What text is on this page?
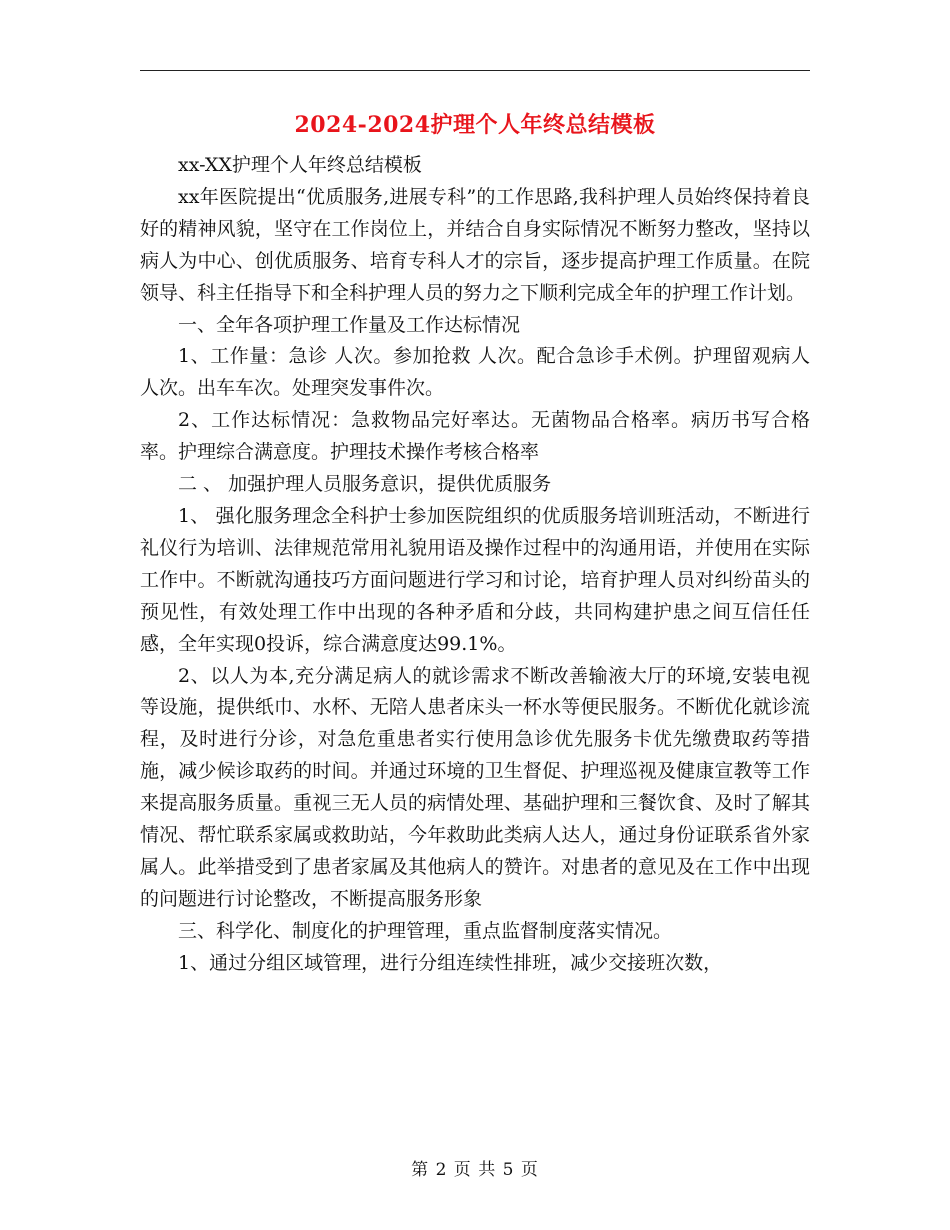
2024-2024护理个人年终总结模板

xx-XX护理个人年终总结模板

xx年医院提出“优质服务,进展专科”的工作思路,我科护理人员始终保持着良好的精神风貌，坚守在工作岗位上，并结合自身实际情况不断努力整改，坚持以病人为中心、创优质服务、培育专科人才的宗旨，逐步提高护理工作质量。在院领导、科主任指导下和全科护理人员的努力之下顺利完成全年的护理工作计划。

一、全年各项护理工作量及工作达标情况

1、工作量：急诊 人次。参加抢救 人次。配合急诊手术例。护理留观病人人次。出车车次。处理突发事件次。

2、工作达标情况：急救物品完好率达。无菌物品合格率。病历书写合格率。护理综合满意度。护理技术操作考核合格率

二 、 加强护理人员服务意识，提供优质服务

1、 强化服务理念全科护士参加医院组织的优质服务培训班活动，不断进行礼仪行为培训、法律规范常用礼貌用语及操作过程中的沟通用语，并使用在实际工作中。不断就沟通技巧方面问题进行学习和讨论，培育护理人员对纠纷苗头的预见性，有效处理工作中出现的各种矛盾和分歧，共同构建护患之间互信任任感，全年实现0投诉，综合满意度达99.1%。

2、以人为本,充分满足病人的就诊需求不断改善输液大厅的环境,安装电视等设施，提供纸巾、水杯、无陪人患者床头一杯水等便民服务。不断优化就诊流程，及时进行分诊，对急危重患者实行使用急诊优先服务卡优先缴费取药等措施，减少候诊取药的时间。并通过环境的卫生督促、护理巡视及健康宣教等工作来提高服务质量。重视三无人员的病情处理、基础护理和三餐饮食、及时了解其情况、帮忙联系家属或救助站，今年救助此类病人达人，通过身份证联系省外家属人。此举措受到了患者家属及其他病人的赞许。对患者的意见及在工作中出现的问题进行讨论整改，不断提高服务形象

三、科学化、制度化的护理管理，重点监督制度落实情况。

1、通过分组区域管理，进行分组连续性排班，减少交接班次数，

第 2 页 共 5 页
